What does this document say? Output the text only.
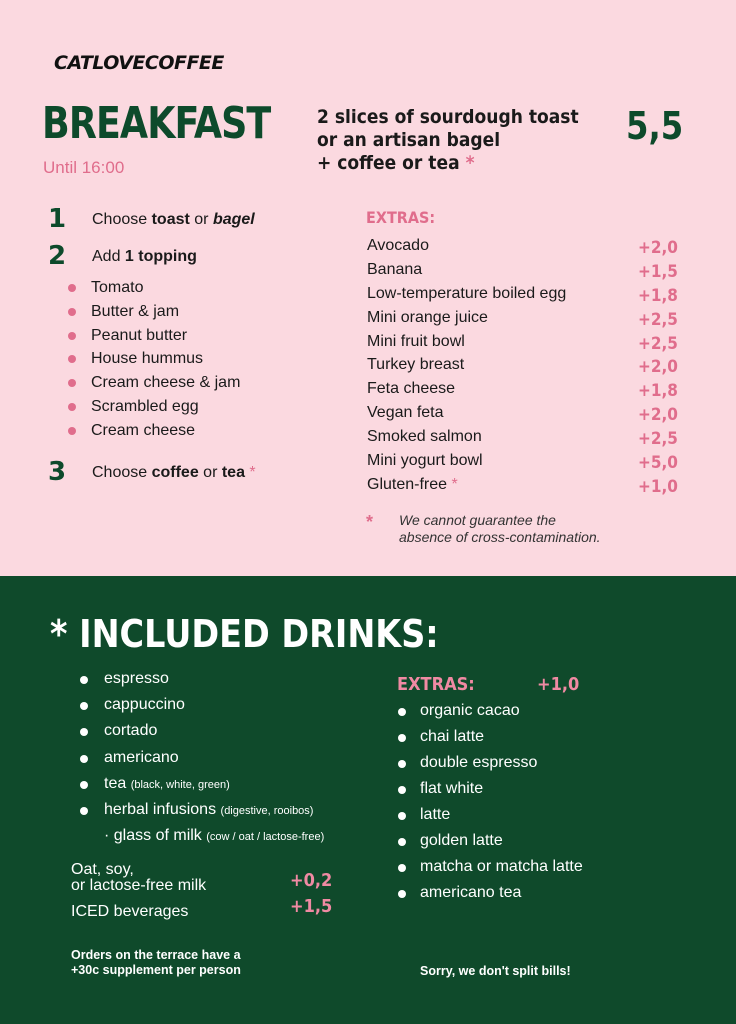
CATLOVECOFFEE
BREAKFAST
Until 16:00
2 slices of sourdough toast
or an artisan bagel
+ coffee or tea *
5,5
1 Choose toast or bagel
2 Add 1 topping
Tomato
Butter & jam
Peanut butter
House hummus
Cream cheese & jam
Scrambled egg
Cream cheese
3 Choose coffee or tea *
EXTRAS:
Avocado	+2,0
Banana	+1,5
Low-temperature boiled egg	+1,8
Mini orange juice	+2,5
Mini fruit bowl	+2,5
Turkey breast	+2,0
Feta cheese	+1,8
Vegan feta	+2,0
Smoked salmon	+2,5
Mini yogurt bowl	+5,0
Gluten-free *	+1,0
* We cannot guarantee the
absence of cross-contamination.
* INCLUDED DRINKS:
espresso
cappuccino
cortado
americano
tea (black, white, green)
herbal infusions (digestive, rooibos)
· glass of milk (cow / oat / lactose-free)
Oat, soy,
or lactose-free milk	+0,2
ICED beverages	+1,5
EXTRAS:	+1,0
organic cacao
chai latte
double espresso
flat white
latte
golden latte
matcha or matcha latte
americano tea
Orders on the terrace have a
+30c supplement per person	Sorry, we don't split bills!
